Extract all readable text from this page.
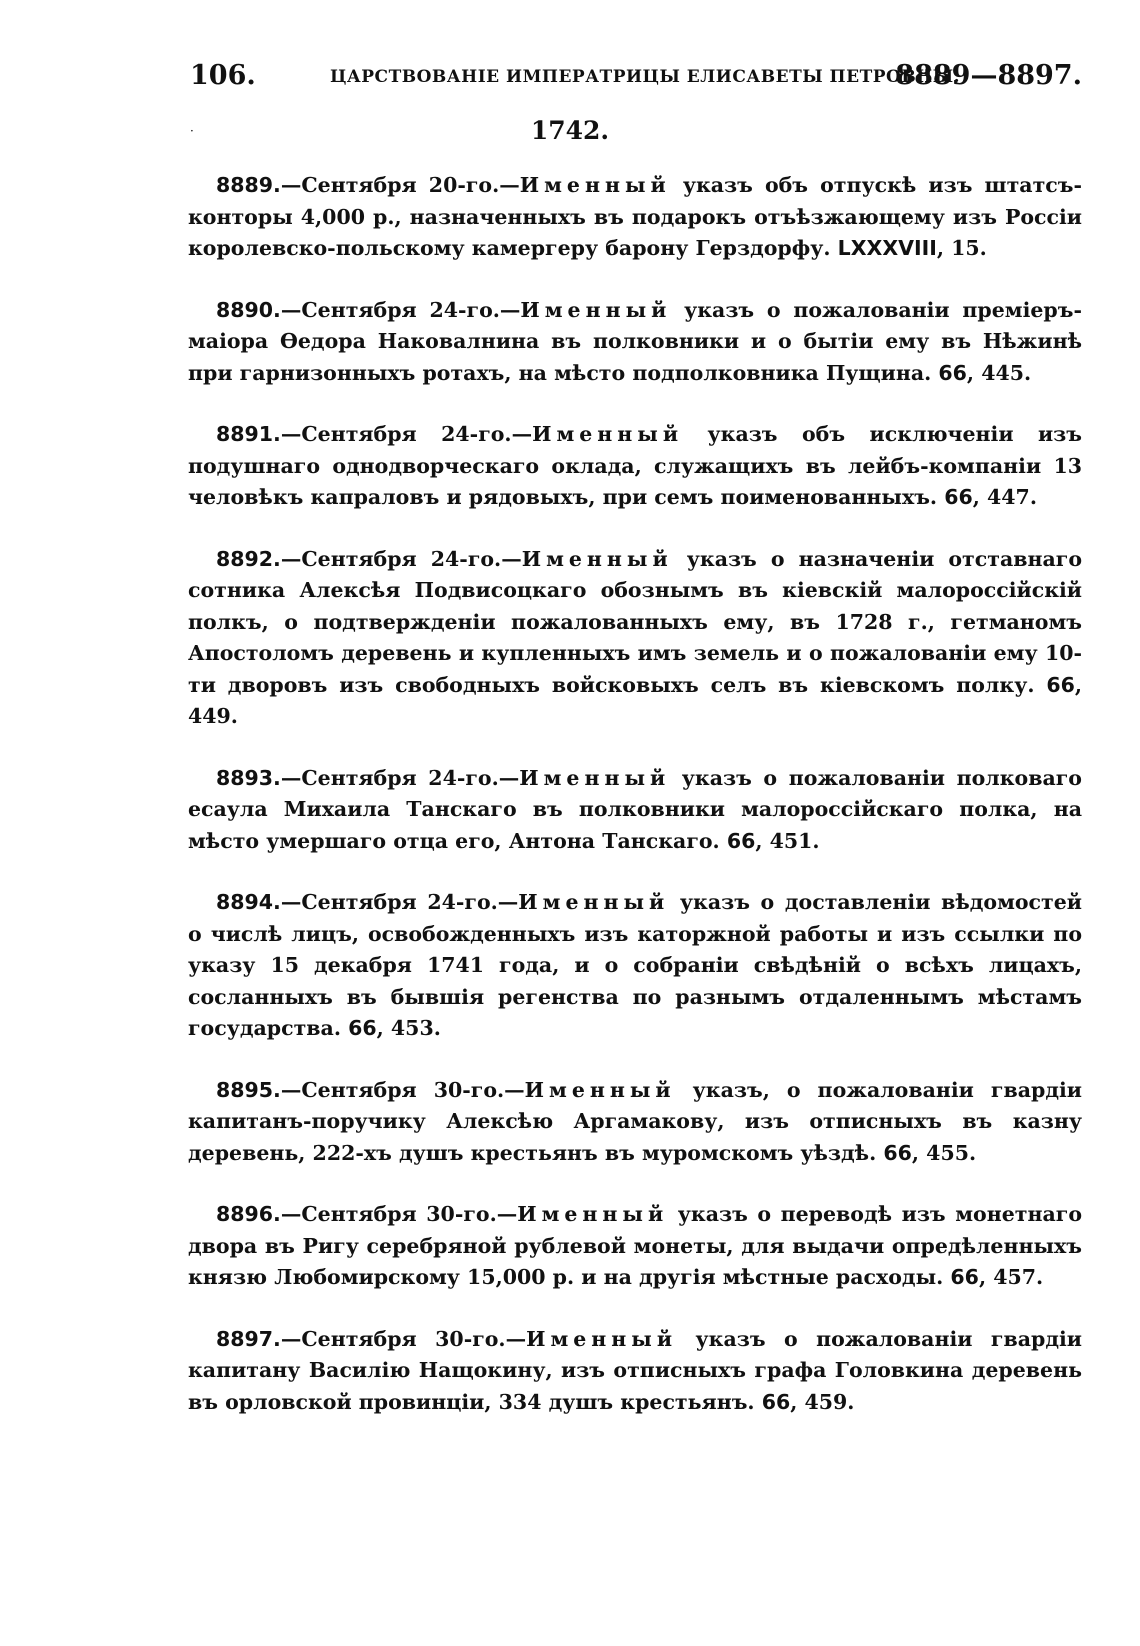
106.	ЦАРСТВОВАНІЕ ИМПЕРАТРИЦЫ ЕЛИСАВЕТЫ ПЕТРОВНЫ.
8889—8897.
·	1742.

8889.—Сентября 20-го.—Именный указъ объ отпускѣ изъ штатсъ-конторы 4,000 р., назначенныхъ въ подарокъ отъѣзжающему изъ Россіи королевско-польскому камергеру барону Герздорфу. LXXXVIII, 15.

8890.—Сентября 24-го.—Именный указъ о пожалованіи преміеръ-маіора Ѳедора Наковалнина въ полковники и о бытіи ему въ Нѣжинѣ при гарнизонныхъ ротахъ, на мѣсто подполковника Пущина. 66, 445.

8891.—Сентября 24-го.—Именный указъ объ исключеніи изъ подушнаго однодворческаго оклада, служащихъ въ лейбъ-компаніи 13 человѣкъ капраловъ и рядовыхъ, при семъ поименованныхъ. 66, 447.

8892.—Сентября 24-го.—Именный указъ о назначеніи отставнаго сотника Алексѣя Подвисоцкаго обознымъ въ кіевскій малороссійскій полкъ, о подтвержденіи пожалованныхъ ему, въ 1728 г., гетманомъ Апостоломъ деревень и купленныхъ имъ земель и о пожалованіи ему 10-ти дворовъ изъ свободныхъ войсковыхъ селъ въ кіевскомъ полку. 66, 449.

8893.—Сентября 24-го.—Именный указъ о пожалованіи полковаго есаула Михаила Танскаго въ полковники малороссійскаго полка, на мѣсто умершаго отца его, Антона Танскаго. 66, 451.

8894.—Сентября 24-го.—Именный указъ о доставленіи вѣдомостей о числѣ лицъ, освобожденныхъ изъ каторжной работы и изъ ссылки по указу 15 декабря 1741 года, и о собраніи свѣдѣній о всѣхъ лицахъ, сосланныхъ въ бывшія регенства по разнымъ отдаленнымъ мѣстамъ государства. 66, 453.

8895.—Сентября 30-го.—Именный указъ, о пожалованіи гвардіи капитанъ-поручику Алексѣю Аргамакову, изъ отписныхъ въ казну деревень, 222-хъ душъ крестьянъ въ муромскомъ уѣздѣ. 66, 455.

8896.—Сентября 30-го.—Именный указъ о переводѣ изъ монетнаго двора въ Ригу серебряной рублевой монеты, для выдачи опредѣленныхъ князю Любомирскому 15,000 р. и на другія мѣстные расходы. 66, 457.

8897.—Сентября 30-го.—Именный указъ о пожалованіи гвардіи капитану Василію Нащокину, изъ отписныхъ графа Головкина деревень въ орловской провинціи, 334 душъ крестьянъ. 66, 459.
